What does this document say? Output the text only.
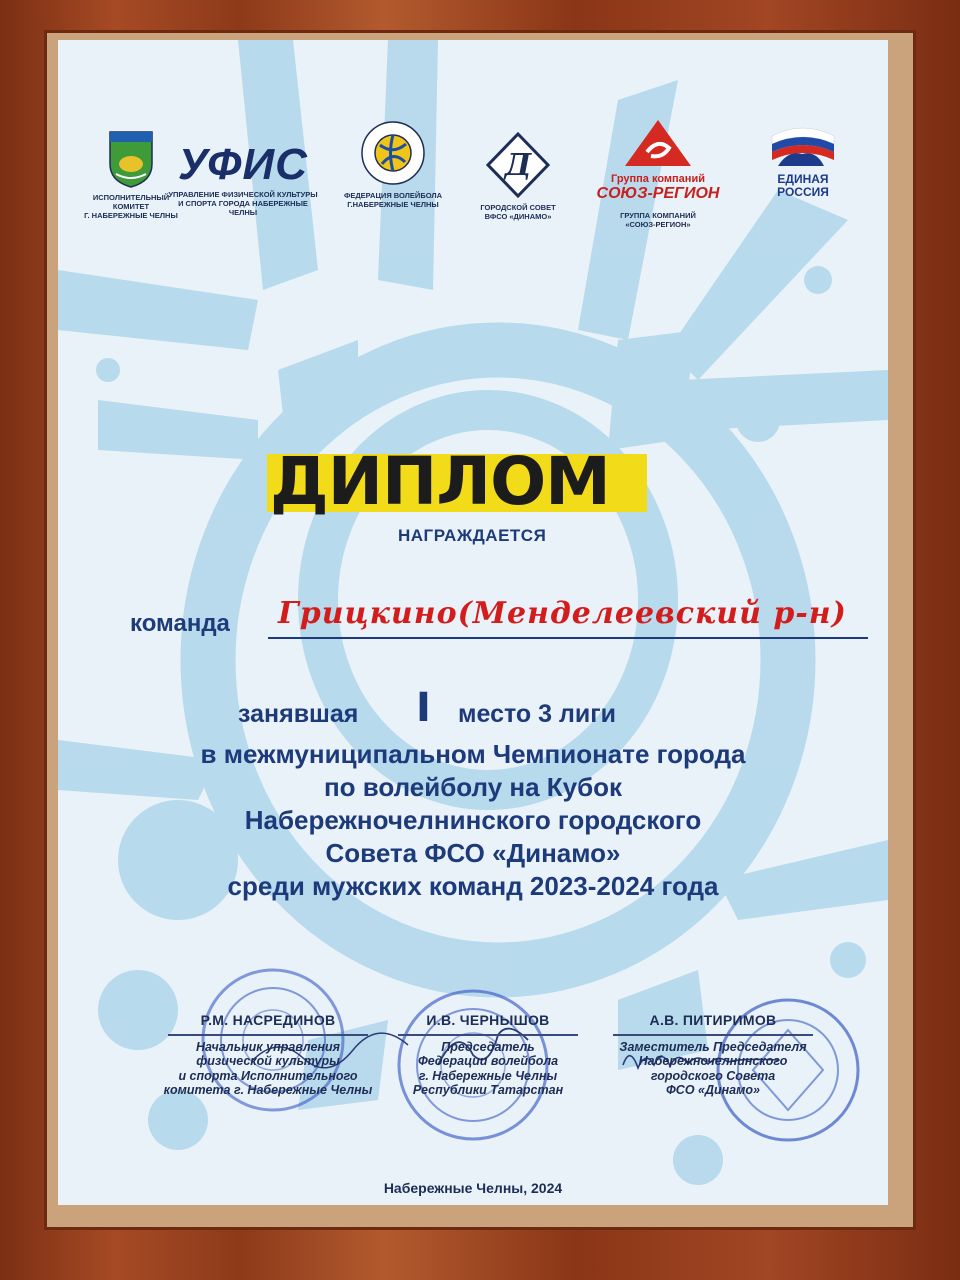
ИСПОЛНИТЕЛЬНЫЙ КОМИТЕТ
Г. НАБЕРЕЖНЫЕ ЧЕЛНЫ
УФИС
УПРАВЛЕНИЕ ФИЗИЧЕСКОЙ КУЛЬТУРЫ
И СПОРТА ГОРОДА НАБЕРЕЖНЫЕ ЧЕЛНЫ
ФЕДЕРАЦИЯ ВОЛЕЙБОЛА
Г.НАБЕРЕЖНЫЕ ЧЕЛНЫ
Д
ГОРОДСКОЙ СОВЕТ
ВФСО «ДИНАМО»
Группа компаний
СОЮЗ-РЕГИОН
ГРУППА КОМПАНИЙ
«СОЮЗ-РЕГИОН»
ЕДИНАЯ
РОССИЯ
ДИПЛОМ
НАГРАЖДАЕТСЯ
команда Грицкино(Менделеевский р-н)
занявшая I место 3 лиги
в межмуниципальном Чемпионате города
по волейболу на Кубок
Набережночелнинского городского
Совета ФСО «Динамо»
среди мужских команд 2023-2024 года
Р.М. НАСРЕДИНОВ
Начальник управления
физической культуры
и спорта Исполнительного
комитета г. Набережные Челны
И.В. ЧЕРНЫШОВ
Председатель
Федерации волейбола
г. Набережные Челны
Республики Татарстан
А.В. ПИТИРИМОВ
Заместитель Председателя
Набережночелнинского
городского Совета
ФСО «Динамо»
Набережные Челны, 2024
